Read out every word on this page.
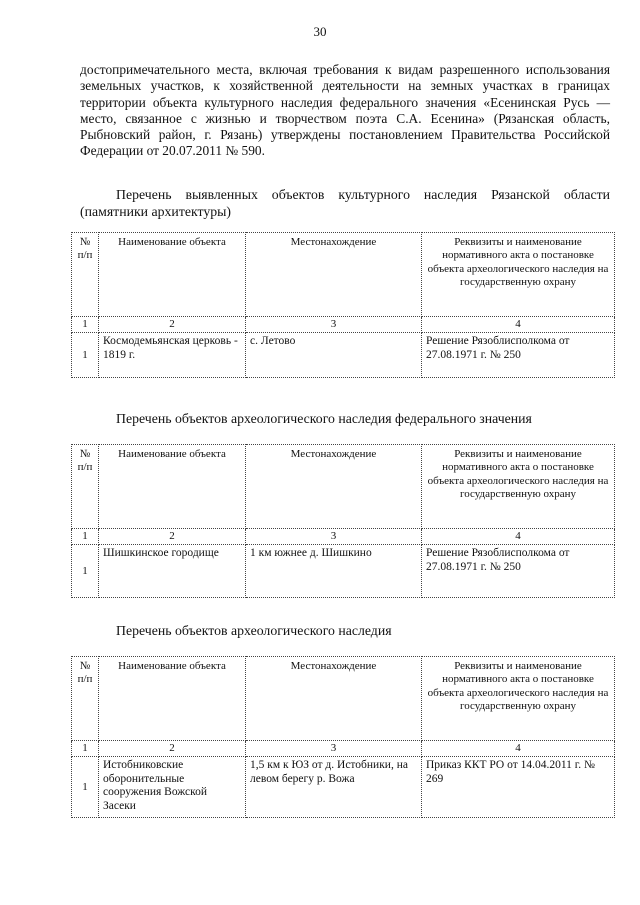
30

достопримечательного места, включая требования к видам разрешенного использования земельных участков, к хозяйственной деятельности на земных участках в границах территории объекта культурного наследия федерального значения «Есенинская Русь — место, связанное с жизнью и творчеством поэта С.А. Есенина» (Рязанская область, Рыбновский район, г. Рязань) утверждены постановлением Правительства Российской Федерации от 20.07.2011 № 590.

Перечень выявленных объектов культурного наследия Рязанской области (памятники архитектуры)

№ п/п	Наименование объекта	Местонахождение	Реквизиты и наименование нормативного акта о постановке объекта археологического наследия на государственную охрану
1	2	3	4
1	Космодемьянская церковь - 1819 г.	с. Летово	Решение Рязоблисполкома от 27.08.1971 г. № 250

Перечень объектов археологического наследия федерального значения

№ п/п	Наименование объекта	Местонахождение	Реквизиты и наименование нормативного акта о постановке объекта археологического наследия на государственную охрану
1	2	3	4
1	Шишкинское городище	1 км южнее д. Шишкино	Решение Рязоблисполкома от 27.08.1971 г. № 250

Перечень объектов археологического наследия

№ п/п	Наименование объекта	Местонахождение	Реквизиты и наименование нормативного акта о постановке объекта археологического наследия на государственную охрану
1	2	3	4
1	Истобниковские оборонительные сооружения Вожской Засеки	1,5 км к ЮЗ от д. Истобники, на левом берегу р. Вожа	Приказ ККТ РО от 14.04.2011 г. № 269
